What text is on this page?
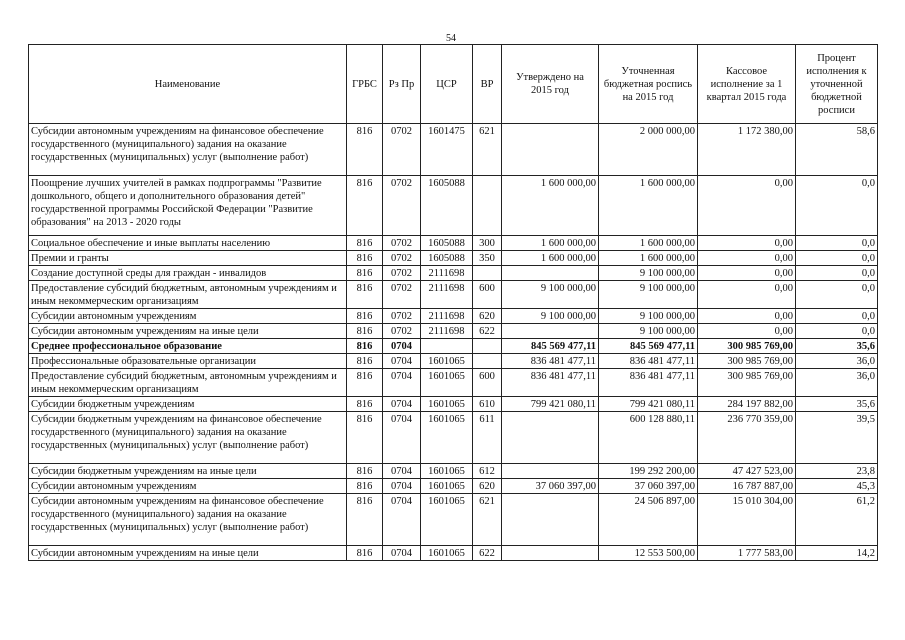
54
Наименование	ГРБС	Рз Пр	ЦСР	ВР	Утверждено на 2015 год	Уточненная бюджетная роспись на 2015 год	Кассовое исполнение за 1 квартал 2015 года	Процент исполнения к уточненной бюджетной росписи
Субсидии автономным учреждениям на финансовое обеспечение государственного (муниципального) задания на оказание государственных (муниципальных) услуг (выполнение работ)	816	0702	1601475	621		2 000 000,00	1 172 380,00	58,6
Поощрение лучших учителей в рамках подпрограммы "Развитие дошкольного, общего и дополнительного образования детей" государственной программы Российской Федерации "Развитие образования" на 2013 - 2020 годы	816	0702	1605088		1 600 000,00	1 600 000,00	0,00	0,0
Социальное обеспечение и иные выплаты населению	816	0702	1605088	300	1 600 000,00	1 600 000,00	0,00	0,0
Премии и гранты	816	0702	1605088	350	1 600 000,00	1 600 000,00	0,00	0,0
Создание доступной среды для граждан - инвалидов	816	0702	2111698			9 100 000,00	0,00	0,0
Предоставление субсидий бюджетным, автономным учреждениям и иным некоммерческим организациям	816	0702	2111698	600	9 100 000,00	9 100 000,00	0,00	0,0
Субсидии автономным учреждениям	816	0702	2111698	620	9 100 000,00	9 100 000,00	0,00	0,0
Субсидии автономным учреждениям на иные цели	816	0702	2111698	622		9 100 000,00	0,00	0,0
Среднее профессиональное образование	816	0704			845 569 477,11	845 569 477,11	300 985 769,00	35,6
Профессиональные образовательные организации	816	0704	1601065		836 481 477,11	836 481 477,11	300 985 769,00	36,0
Предоставление субсидий бюджетным, автономным учреждениям и иным некоммерческим организациям	816	0704	1601065	600	836 481 477,11	836 481 477,11	300 985 769,00	36,0
Субсидии бюджетным учреждениям	816	0704	1601065	610	799 421 080,11	799 421 080,11	284 197 882,00	35,6
Субсидии бюджетным учреждениям на финансовое обеспечение государственного (муниципального) задания на оказание государственных (муниципальных) услуг (выполнение работ)	816	0704	1601065	611		600 128 880,11	236 770 359,00	39,5
Субсидии бюджетным учреждениям на иные цели	816	0704	1601065	612		199 292 200,00	47 427 523,00	23,8
Субсидии автономным учреждениям	816	0704	1601065	620	37 060 397,00	37 060 397,00	16 787 887,00	45,3
Субсидии автономным учреждениям на финансовое обеспечение государственного (муниципального) задания на оказание государственных (муниципальных) услуг (выполнение работ)	816	0704	1601065	621		24 506 897,00	15 010 304,00	61,2
Субсидии автономным учреждениям на иные цели	816	0704	1601065	622		12 553 500,00	1 777 583,00	14,2
